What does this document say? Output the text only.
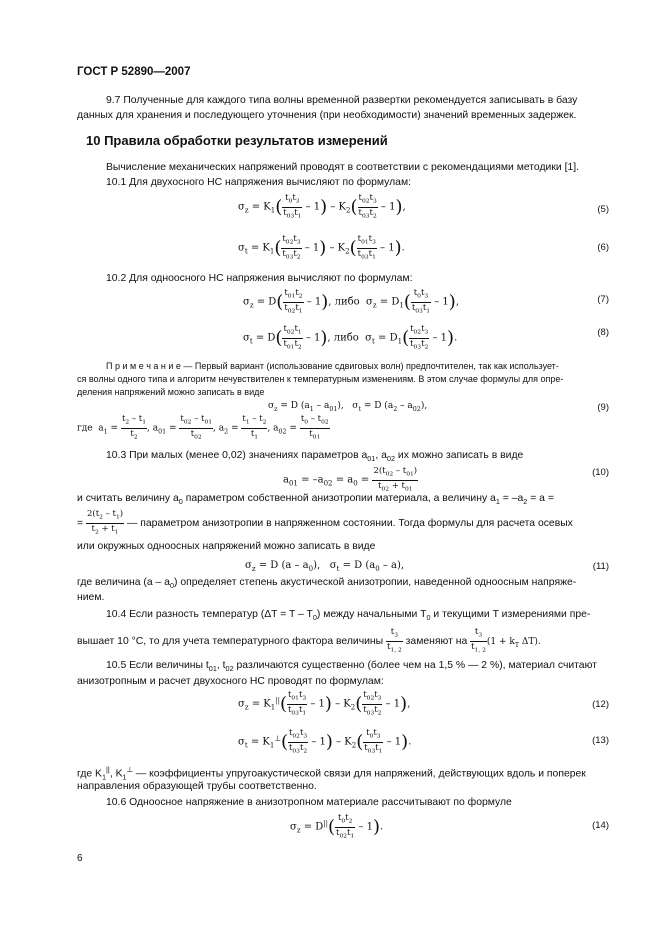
ГОСТ Р 52890—2007
9.7 Полученные для каждого типа волны временной развертки рекомендуется записывать в базу
данных для хранения и последующего уточнения (при необходимости) значений временных задержек.
10 Правила обработки результатов измерений
Вычисление механических напряжений проводят в соответствии с рекомендациями методики [1].
10.1 Для двухосного НС напряжения вычисляют по формулам:
$\sigma_z = K_1( \frac{t_0t_3}{t_{03}t_1} - 1) - K_2( \frac{t_{02}t_3}{t_{03}t_2} - 1)$,
$\sigma_t = K_1( \frac{t_{02}t_3}{t_{03}t_2} - 1) - K_2( \frac{t_{01}t_3}{t_{03}t_1} - 1)$.
10.2 Для одноосного НС напряжения вычисляют по формулам:
$\sigma_z = D( \frac{t_{01}t_2}{t_{02}t_1} - 1)$, либо  $\sigma_z = D_1( \frac{t_0t_3}{t_{03}t_1} - 1)$,
$\sigma_t = D( \frac{t_{02}t_1}{t_{01}t_2} - 1)$, либо  $\sigma_t = D_1( \frac{t_{02}t_3}{t_{03}t_2} - 1)$.
П р и м е ч а н и е — Первый вариант (использование сдвиговых волн) предпочтителен, так как использует-
ся волны одного типа и алгоритм нечувствителен к температурным изменениям. В этом случае формулы для опре-
деления напряжений можно записать в виде
$\sigma_z = D$ $(a_1 - a_{01})$,   $\sigma_t = D$ $(a_2 - a_{02})$,
где  $a_1 = \frac{t_2 - t_1}{t_2}$ , $a_{01} = \frac{t_{02} - t_{01}}{t_{02}}$ , $a_2 = \frac{t_1 - t_2}{t_1}$ , $a_{02} = \frac{t_0 - t_{02}}{t_{01}}$
10.3 При малых (менее 0,02) значениях параметров $a_{01}$, $a_{02}$ их можно записать в виде
$a_{01} = -a_{02} = a_0 = \frac{2(t_{02} - t_{01})}{t_{02} + t_{01}}$
и считать величину $a_0$ параметром собственной анизотропии материала, а величину $a_1 = -a_2 = a$ =
= $\frac{2(t_2 - t_1)}{t_2 + t_1}$ — параметром анизотропии в напряженном состоянии. Тогда формулы для расчета осевых
или окружных одноосных напряжений можно записать в виде
$\sigma_z = D$ $(a - a_0)$,   $\sigma_t = D$ $(a_0 - a)$,
где величина $(a - a_0)$ определяет степень акустической анизотропии, наведенной одноосным напряже-
нием.
10.4 Если разность температур $(\Delta T = T - T_0)$ между начальными $T_0$ и текущими T измерениями пре-
вышает 10 °С, то для учета температурного фактора величины $\frac{t_3}{t_{1, 2}}$ заменяют на $\frac{t_3}{t_{1, 2}} (1 + k_T$ ΔT).
10.5 Если величины $t_{01}$, $t_{02}$ различаются существенно (более чем на 1,5 % — 2 %), материал считают
анизотропным и расчет двухосного НС проводят по формулам:
$\sigma_z = K_1^{||}( \frac{t_{01}t_3}{t_{03}t_1} - 1) - K_2( \frac{t_{02}t_3}{t_{03}t_2} - 1)$,
$\sigma_t = K_1^\perp( \frac{t_{02}t_3}{t_{03}t_2} - 1) - K_2( \frac{t_0t_3}{t_{03}t_1} - 1)$.
где $K_1^{||}$, $K_1^\perp$ — коэффициенты упругоакустической связи для напряжений, действующих вдоль и поперек
направления образующей трубы соответственно.
10.6 Одноосное напряжение в анизотропном материале рассчитывают по формуле
$\sigma_z = D^{||}( \frac{t_0t_2}{t_{02}t_1} - 1)$.
(5)
(6)
(7)
(8)
(9)
(10)
(11)
(12)
(13)
(14)
6
